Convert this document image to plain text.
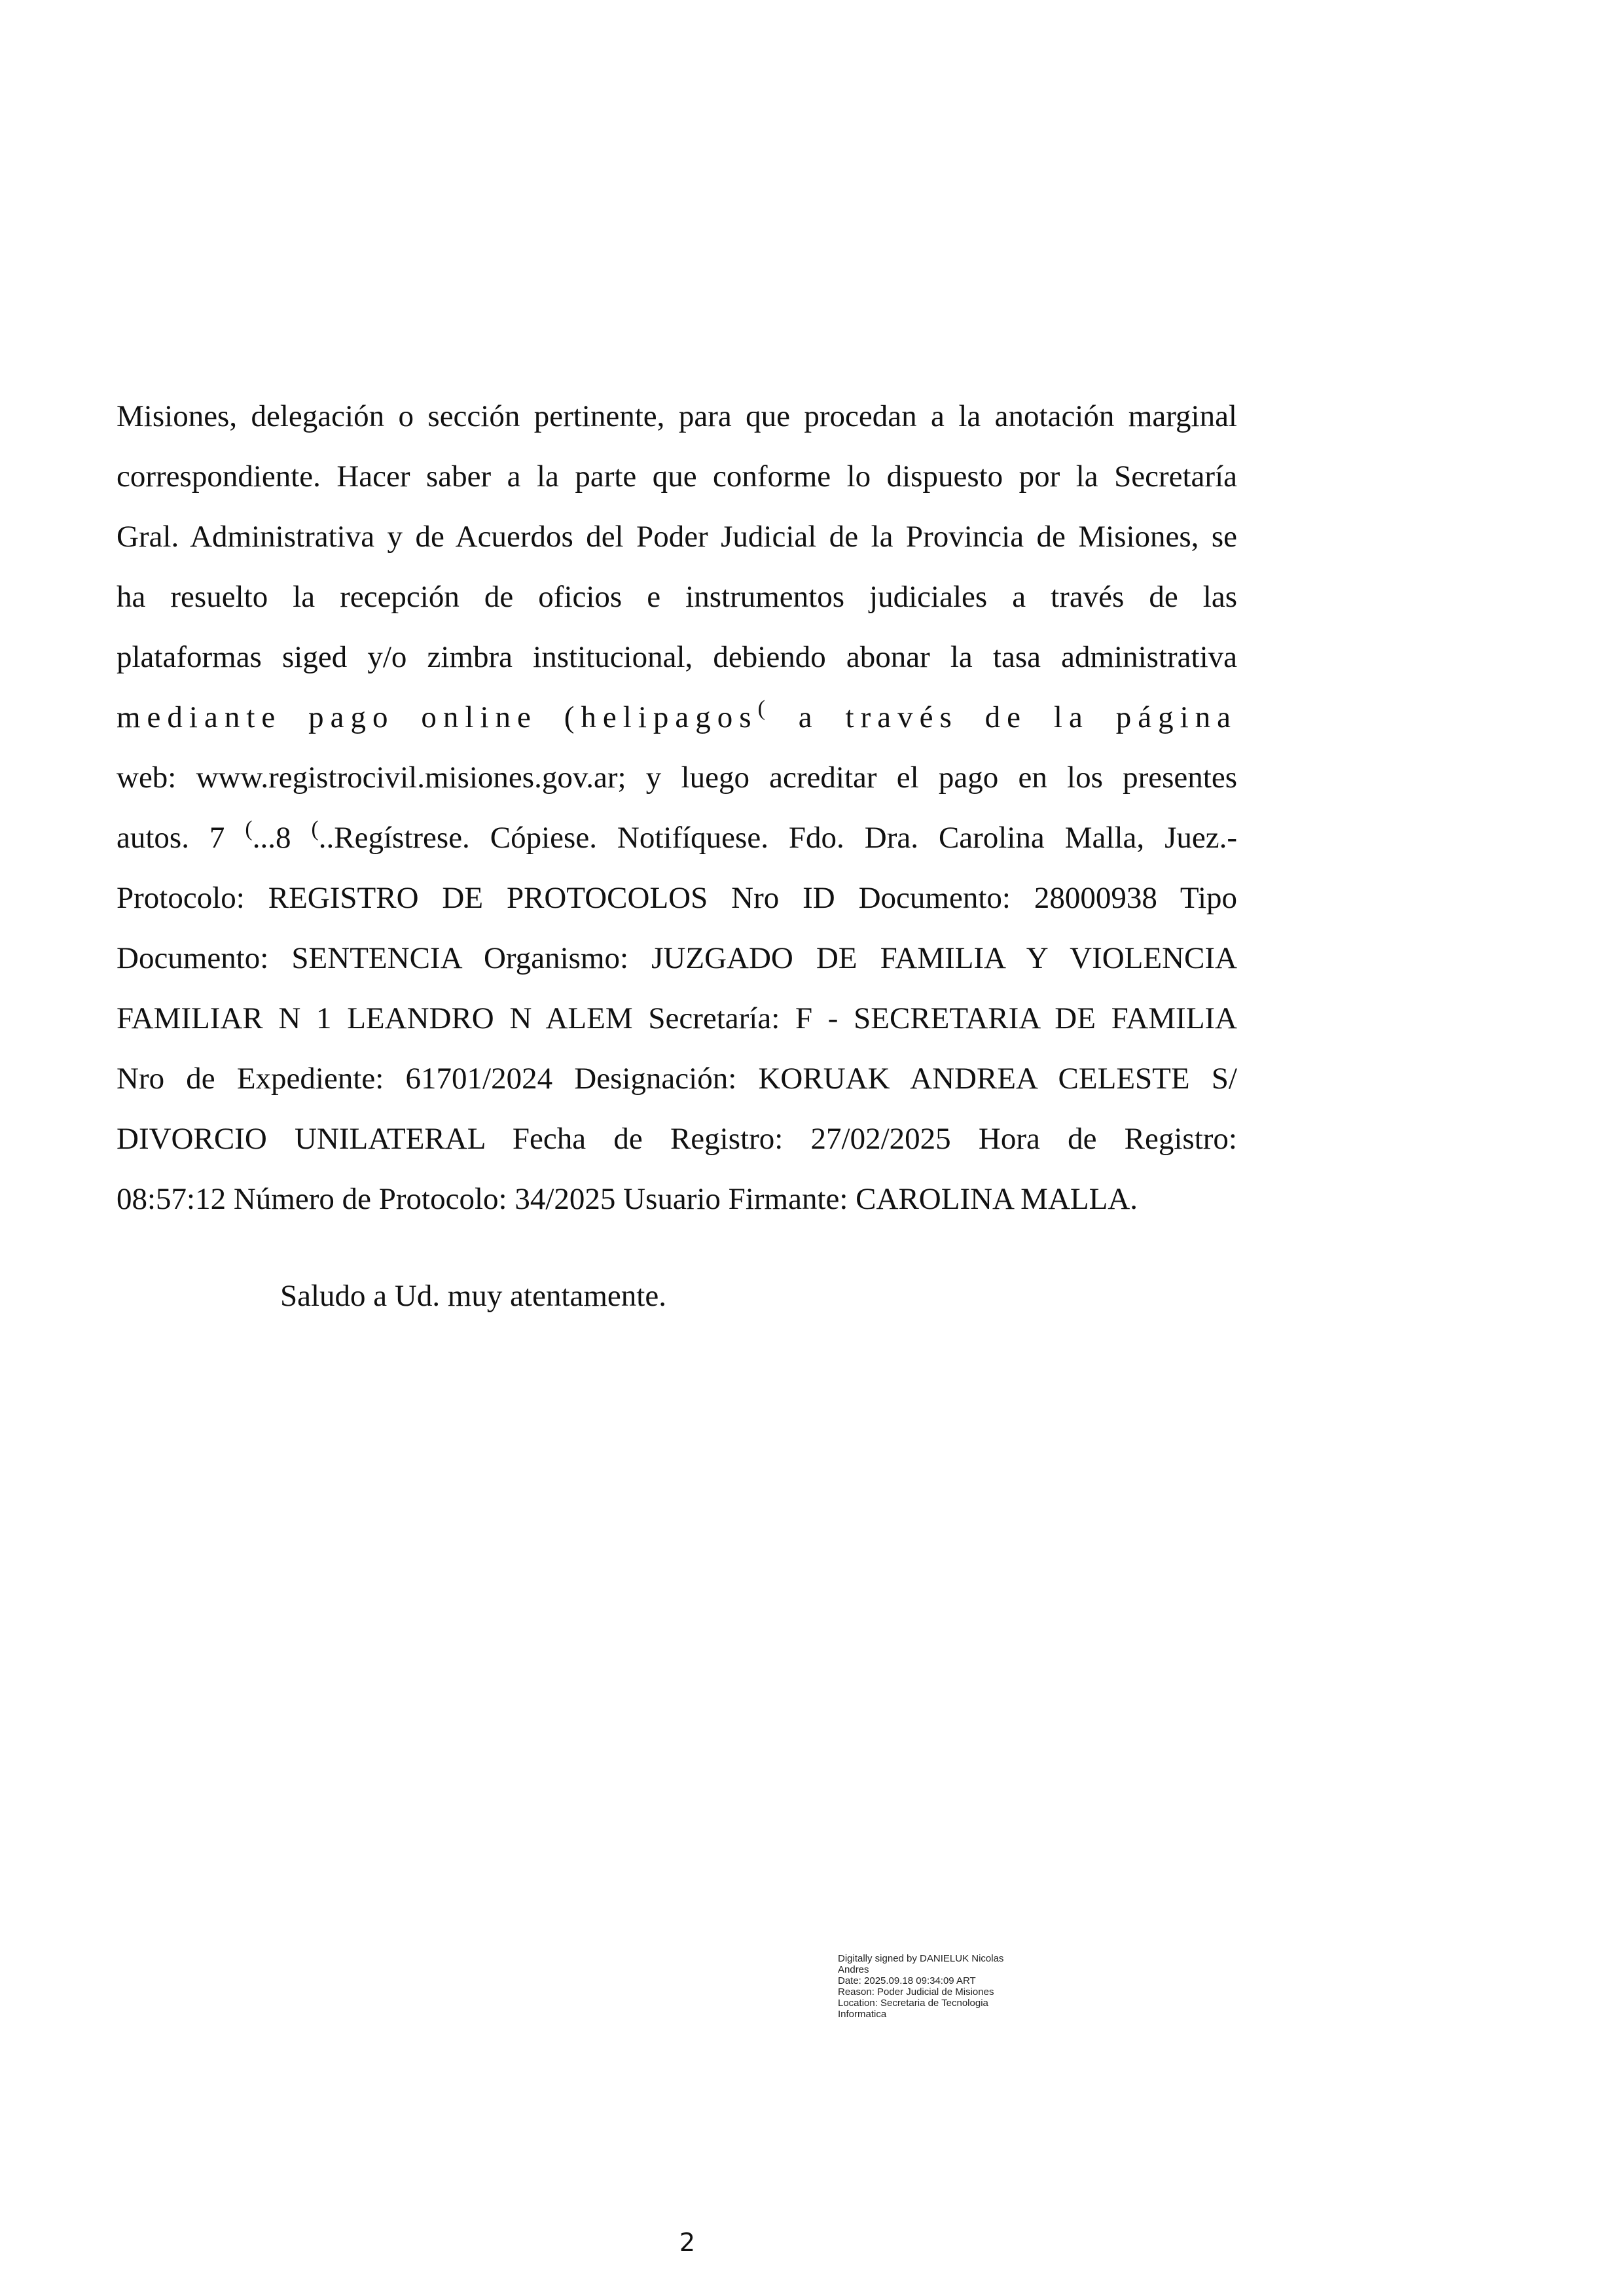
Misiones, delegación o sección pertinente, para que procedan a la anotación marginal
correspondiente. Hacer saber a la parte que conforme lo dispuesto por la Secretaría
Gral. Administrativa y de Acuerdos del Poder Judicial de la Provincia de Misiones, se
ha resuelto la recepción de oficios e instrumentos judiciales a través de las
plataformas siged y/o zimbra institucional, debiendo abonar la tasa administrativa
mediante pago online (helipagos( a través de la página
web: www.registrocivil.misiones.gov.ar; y luego acreditar el pago en los presentes
autos. 7 (...8 (..Regístrese. Cópiese. Notifíquese. Fdo. Dra. Carolina Malla, Juez.-
Protocolo: REGISTRO DE PROTOCOLOS Nro ID Documento: 28000938 Tipo
Documento: SENTENCIA Organismo: JUZGADO DE FAMILIA Y VIOLENCIA
FAMILIAR N 1 LEANDRO N ALEM Secretaría: F - SECRETARIA DE FAMILIA
Nro de Expediente: 61701/2024 Designación: KORUAK ANDREA CELESTE S/
DIVORCIO UNILATERAL Fecha de Registro: 27/02/2025 Hora de Registro:
08:57:12 Número de Protocolo: 34/2025 Usuario Firmante: CAROLINA MALLA.
Saludo a Ud. muy atentamente.
Digitally signed by DANIELUK Nicolas
Andres
Date: 2025.09.18 09:34:09 ART
Reason: Poder Judicial de Misiones
Location: Secretaria de Tecnologia
Informatica
2
